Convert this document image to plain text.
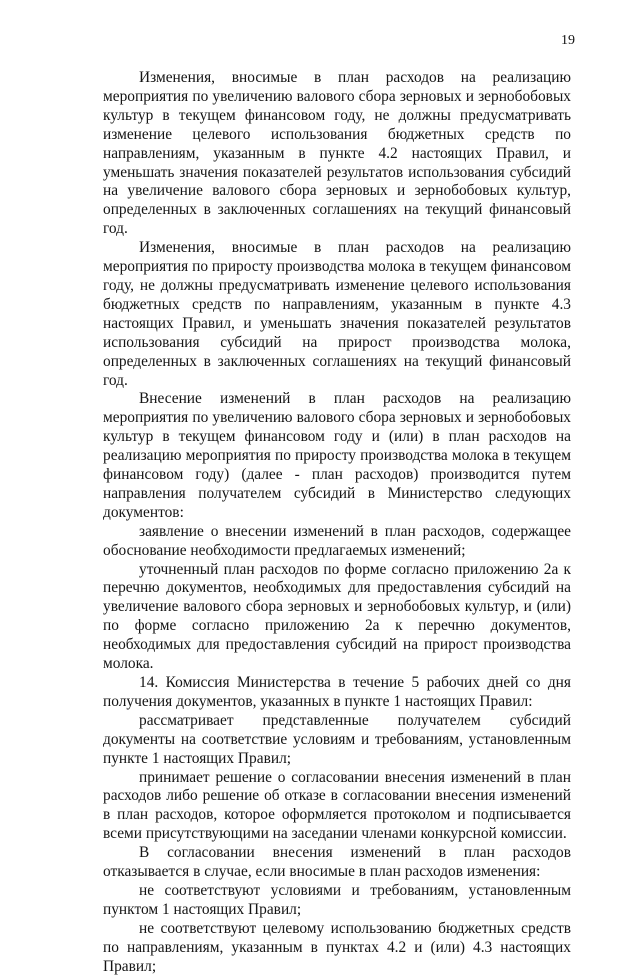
19

Изменения, вносимые в план расходов на реализацию мероприятия по увеличению валового сбора зерновых и зернобобовых культур в текущем финансовом году, не должны предусматривать изменение целевого использования бюджетных средств по направлениям, указанным в пункте 4.2 настоящих Правил, и уменьшать значения показателей результатов использования субсидий на увеличение валового сбора зерновых и зернобобовых культур, определенных в заключенных соглашениях на текущий финансовый год.

Изменения, вносимые в план расходов на реализацию мероприятия по приросту производства молока в текущем финансовом году, не должны предусматривать изменение целевого использования бюджетных средств по направлениям, указанным в пункте 4.3 настоящих Правил, и уменьшать значения показателей результатов использования субсидий на прирост производства молока, определенных в заключенных соглашениях на текущий финансовый год.

Внесение изменений в план расходов на реализацию мероприятия по увеличению валового сбора зерновых и зернобобовых культур в текущем финансовом году и (или) в план расходов на реализацию мероприятия по приросту производства молока в текущем финансовом году) (далее - план расходов) производится путем направления получателем субсидий в Министерство следующих документов:

заявление о внесении изменений в план расходов, содержащее обоснование необходимости предлагаемых изменений;

уточненный план расходов по форме согласно приложению 2а к перечню документов, необходимых для предоставления субсидий на увеличение валового сбора зерновых и зернобобовых культур, и (или) по форме согласно приложению 2а к перечню документов, необходимых для предоставления субсидий на прирост производства молока.

14. Комиссия Министерства в течение 5 рабочих дней со дня получения документов, указанных в пункте 1 настоящих Правил:

рассматривает представленные получателем субсидий документы на соответствие условиям и требованиям, установленным пункте 1 настоящих Правил;

принимает решение о согласовании внесения изменений в план расходов либо решение об отказе в согласовании внесения изменений в план расходов, которое оформляется протоколом и подписывается всеми присутствующими на заседании членами конкурсной комиссии.

В согласовании внесения изменений в план расходов отказывается в случае, если вносимые в план расходов изменения:

не соответствуют условиями и требованиям, установленным пунктом 1 настоящих Правил;

не соответствуют целевому использованию бюджетных средств по направлениям, указанным в пунктах 4.2 и (или) 4.3 настоящих Правил;
